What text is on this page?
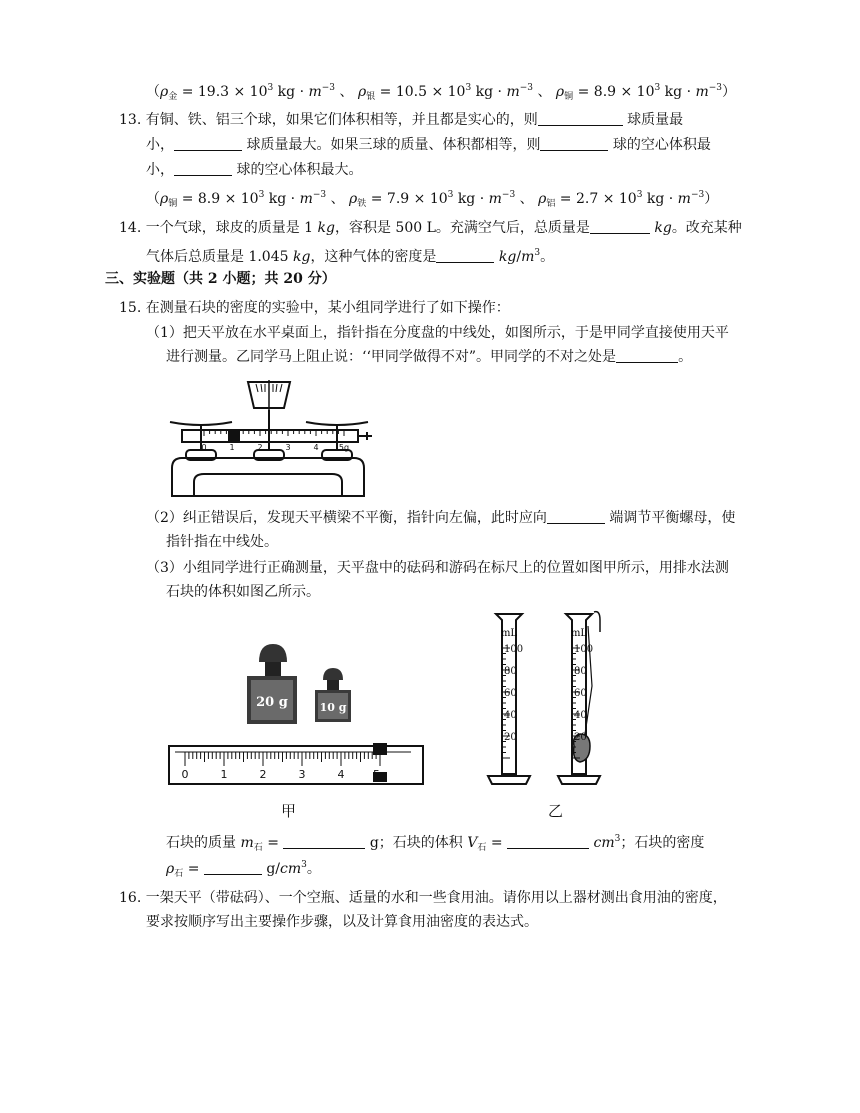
（$\rho_金 = 19.3 \times 10^3$ kg · $m^{-3}$ 、 $\rho_银 = 10.5 \times 10^3$ kg · $m^{-3}$ 、 $\rho_铜 = 8.9 \times 10^3$ kg · $m^{-3}$）
13. 有铜、铁、铝三个球，如果它们体积相等，并且都是实心的，则	球质量最
小，	球质量最大。如果三球的质量、体积都相等，则	球的空心体积最
小，	球的空心体积最大。
（$\rho_铜 = 8.9 \times 10^3$ kg · $m^{-3}$ 、 $\rho_铁 = 7.9 \times 10^3$ kg · $m^{-3}$ 、 $\rho_铝 = 2.7 \times 10^3$ kg · $m^{-3}$）
14. 一个气球，球皮的质量是 1 kg，容积是 500 L。充满空气后，总质量是	kg。改充某种
气体后总质量是 1.045 kg，这种气体的密度是	$kg/m^3$。
三、实验题（共 2 小题；共 20 分）
15. 在测量石块的密度的实验中，某小组同学进行了如下操作：
（1）把天平放在水平桌面上，指针指在分度盘的中线处，如图所示，于是甲同学直接使用天平
进行测量。乙同学马上阻止说：‘‘甲同学做得不对”。甲同学的不对之处是	。
0	1	2	3	4	5g
（2）纠正错误后，发现天平横梁不平衡，指针向左偏，此时应向	端调节平衡螺母，使
指针指在中线处。
（3）小组同学进行正确测量，天平盘中的砝码和游码在标尺上的位置如图甲所示，用排水法测
石块的体积如图乙所示。
20 g	10 g
0	1	2	3	4
甲
100
80
60
40
20
100
80
60
40
20
mL	mL
乙
石块的质量 $m_石$ =	g；石块的体积 $V_石$ =	$cm^3$；石块的密度
$\rho_石$ =	$g/cm^3$。
16. 一架天平（带砝码）、一个空瓶、适量的水和一些食用油。请你用以上器材测出食用油的密度，
要求按顺序写出主要操作步骤，以及计算食用油密度的表达式。
